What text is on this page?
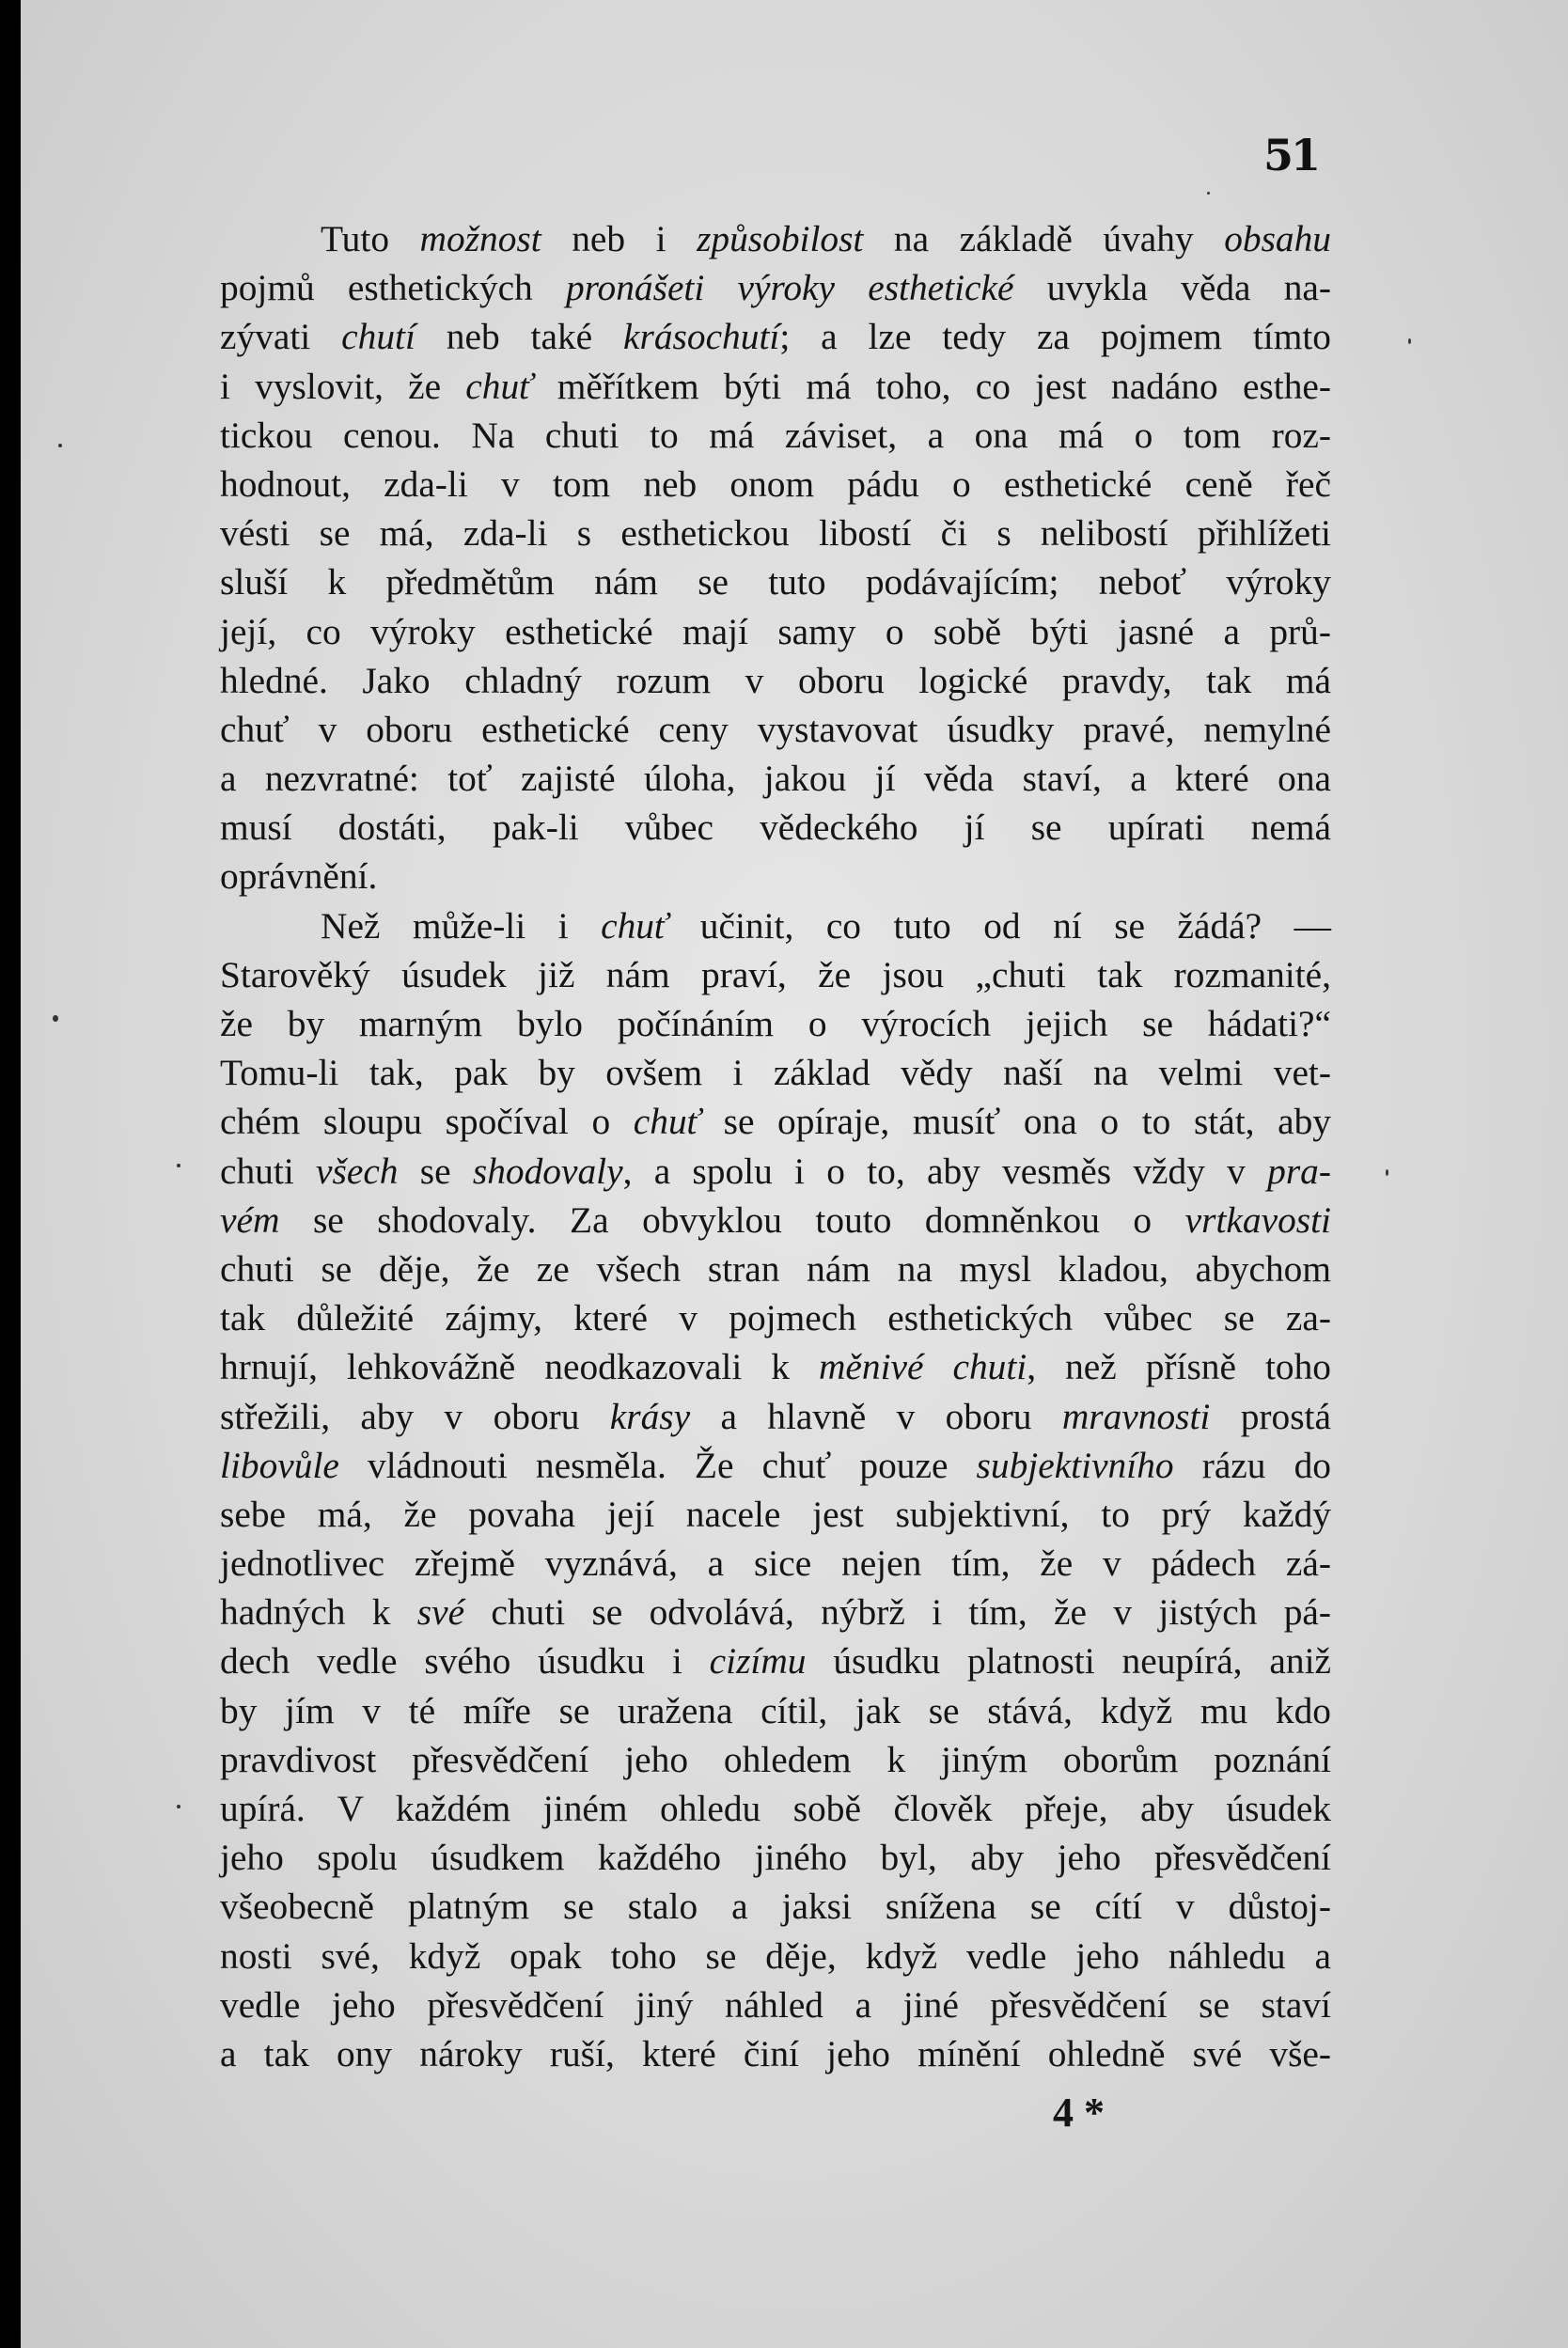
51
Tuto možnost neb i způsobilost na základě úvahy obsahu
pojmů esthetických pronášeti výroky esthetické uvykla věda na-
zývati chutí neb také krásochutí; a lze tedy za pojmem tímto
i vyslovit, že chuť měřítkem býti má toho, co jest nadáno esthe-
tickou cenou. Na chuti to má záviset, a ona má o tom roz-
hodnout, zda-li v tom neb onom pádu o esthetické ceně řeč
vésti se má, zda-li s esthetickou libostí či s nelibostí přihlížeti
sluší k předmětům nám se tuto podávajícím; neboť výroky
její, co výroky esthetické mají samy o sobě býti jasné a prů-
hledné. Jako chladný rozum v oboru logické pravdy, tak má
chuť v oboru esthetické ceny vystavovat úsudky pravé, nemylné
a nezvratné: toť zajisté úloha, jakou jí věda staví, a které ona
musí dostáti, pak-li vůbec vědeckého jí se upírati nemá
oprávnění.
Než může-li i chuť učinit, co tuto od ní se žádá? —
Starověký úsudek již nám praví, že jsou „chuti tak rozmanité,
že by marným bylo počínáním o výrocích jejich se hádati?“
Tomu-li tak, pak by ovšem i základ vědy naší na velmi vet-
chém sloupu spočíval o chuť se opíraje, musíť ona o to stát, aby
chuti všech se shodovaly, a spolu i o to, aby vesměs vždy v pra-
vém se shodovaly. Za obvyklou touto domněnkou o vrtkavosti
chuti se děje, že ze všech stran nám na mysl kladou, abychom
tak důležité zájmy, které v pojmech esthetických vůbec se za-
hrnují, lehkovážně neodkazovali k měnivé chuti, než přísně toho
střežili, aby v oboru krásy a hlavně v oboru mravnosti prostá
libovůle vládnouti nesměla. Že chuť pouze subjektivního rázu do
sebe má, že povaha její nacele jest subjektivní, to prý každý
jednotlivec zřejmě vyznává, a sice nejen tím, že v pádech zá-
hadných k své chuti se odvolává, nýbrž i tím, že v jistých pá-
dech vedle svého úsudku i cizímu úsudku platnosti neupírá, aniž
by jím v té míře se uražena cítil, jak se stává, když mu kdo
pravdivost přesvědčení jeho ohledem k jiným oborům poznání
upírá. V každém jiném ohledu sobě člověk přeje, aby úsudek
jeho spolu úsudkem každého jiného byl, aby jeho přesvědčení
všeobecně platným se stalo a jaksi snížena se cítí v důstoj-
nosti své, když opak toho se děje, když vedle jeho náhledu a
vedle jeho přesvědčení jiný náhled a jiné přesvědčení se staví
a tak ony nároky ruší, které činí jeho mínění ohledně své vše-
4 *
